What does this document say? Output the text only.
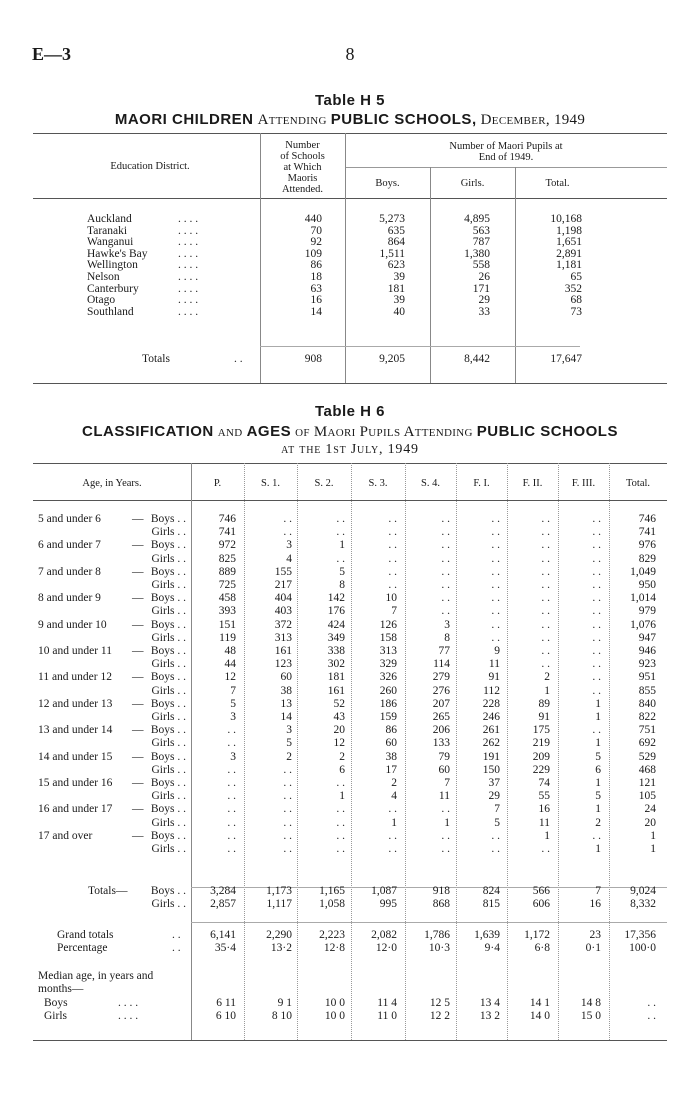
E—3	8
Table H 5
MAORI CHILDREN Attending PUBLIC SCHOOLS, December, 1949
Education District.
Number
of Schools
at Which
Maoris
Attended.
Number of Maori Pupils at
End of 1949.
Boys.	Girls.	Total.
Auckland	. . . .	440	5,273	4,895	10,168
Taranaki	. . . .	70	635	563	1,198
Wanganui	. . . .	92	864	787	1,651
Hawke's Bay	. . . .	109	1,511	1,380	2,891
Wellington	. . . .	86	623	558	1,181
Nelson	. . . .	18	39	26	65
Canterbury	. . . .	63	181	171	352
Otago	. . . .	16	39	29	68
Southland	. . . .	14	40	33	73
Totals	. .	908	9,205	8,442	17,647
Table H 6
CLASSIFICATION and AGES of Maori Pupils Attending PUBLIC SCHOOLS
at the 1st July, 1949
Age, in Years.	P.	S. 1.	S. 2.	S. 3.	S. 4.	F. I.	F. II.	F. III.	Total.
5 and under 6	— Boys . .	746	. .	. .	. .	. .	. .	. .	. .	746
Girls . .	741	. .	. .	. .	. .	. .	. .	. .	741
6 and under 7	— Boys . .	972	3	1	. .	. .	. .	. .	. .	976
Girls . .	825	4	. .	. .	. .	. .	. .	. .	829
7 and under 8	— Boys . .	889	155	5	. .	. .	. .	. .	. .	1,049
Girls . .	725	217	8	. .	. .	. .	. .	. .	950
8 and under 9	— Boys . .	458	404	142	10	. .	. .	. .	. .	1,014
Girls . .	393	403	176	7	. .	. .	. .	. .	979
9 and under 10 — Boys . .	151	372	424	126	3	. .	. .	. .	1,076
Girls . .	119	313	349	158	8	. .	. .	. .	947
10 and under 11 — Boys . .	48	161	338	313	77	9	. .	. .	946
Girls . .	44	123	302	329	114	11	. .	. .	923
11 and under 12 — Boys . .	12	60	181	326	279	91	2	. .	951
Girls . .	7	38	161	260	276	112	1	. .	855
12 and under 13 — Boys . .	5	13	52	186	207	228	89	1	840
Girls . .	3	14	43	159	265	246	91	1	822
13 and under 14 — Boys . .	. .	3	20	86	206	261	175	. .	751
Girls . .	. .	5	12	60	133	262	219	1	692
14 and under 15 — Boys . .	3	2	2	38	79	191	209	5	529
Girls . .	. .	. .	6	17	60	150	229	6	468
15 and under 16 — Boys . .	. .	. .	. .	2	7	37	74	1	121
Girls . .	. .	. .	1	4	11	29	55	5	105
16 and under 17 — Boys . .	. .	. .	. .	. .	. .	7	16	1	24
Girls . .	. .	. .	. .	1	1	5	11	2	20
17 and over	— Boys . .	. .	. .	. .	. .	. .	. .	1	. .	1
Girls . .	. .	. .	. .	. .	. .	. .	. .	1	1
Totals—	Boys . .	3,284	1,173	1,165	1,087	918	824	566	7	9,024
Girls . .	2,857	1,117	1,058	995	868	815	606	16	8,332
Grand totals	. .	6,141	2,290	2,223	2,082	1,786	1,639	1,172	23	17,356
Percentage	. .	35·4	13·2	12·8	12·0	10·3	9·4	6·8	0·1	100·0
Median age, in years and months—
Boys	. . . .	6 11	9 1	10 0	11 4	12 5	13 4	14 1	14 8	. .
Girls	. . . .	6 10	8 10	10 0	11 0	12 2	13 2	14 0	15 0	. .
